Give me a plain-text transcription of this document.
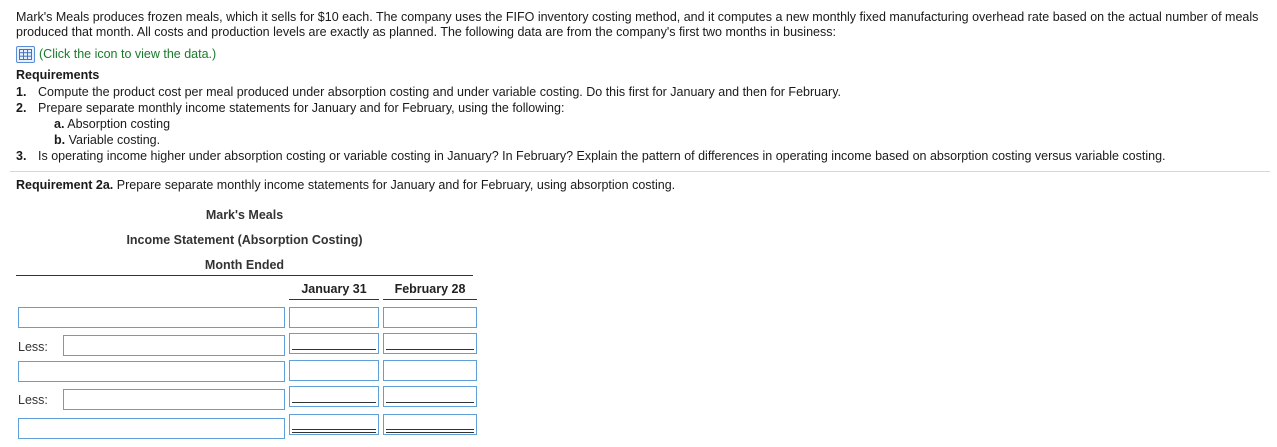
Mark's Meals produces frozen meals, which it sells for $10 each. The company uses the FIFO inventory costing method, and it computes a new monthly fixed manufacturing overhead rate based on the actual number of meals produced that month. All costs and production levels are exactly as planned. The following data are from the company's first two months in business:
(Click the icon to view the data.)
Requirements
1. Compute the product cost per meal produced under absorption costing and under variable costing. Do this first for January and then for February.
2. Prepare separate monthly income statements for January and for February, using the following:
a. Absorption costing
b. Variable costing.
3. Is operating income higher under absorption costing or variable costing in January? In February? Explain the pattern of differences in operating income based on absorption costing versus variable costing.
Requirement 2a. Prepare separate monthly income statements for January and for February, using absorption costing.
Mark's Meals
Income Statement (Absorption Costing)
Month Ended
January 31	February 28
Less:
Less:
